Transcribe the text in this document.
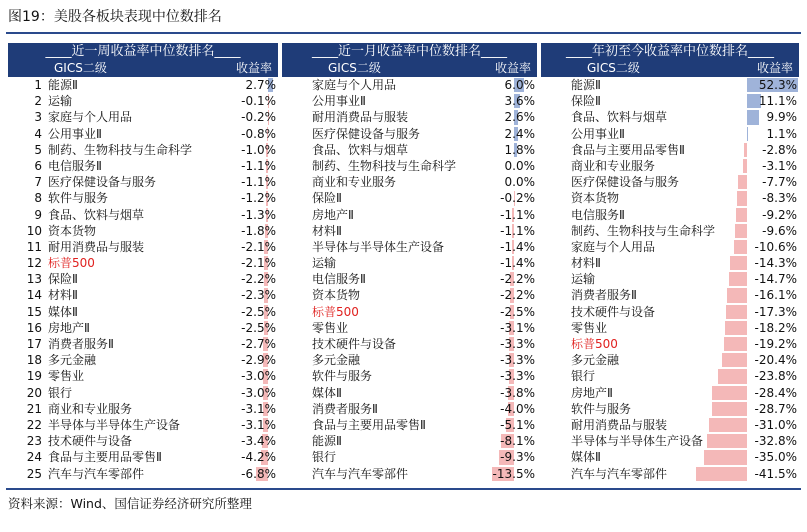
图19：美股各板块表现中位数排名
____近一周收益率中位数排名____
GICS二级	收益率
1 能源Ⅱ	2.7%
2 运输	-0.1%
3 家庭与个人用品	-0.2%
4 公用事业Ⅱ	-0.8%
5 制药、生物科技与生命科学	-1.0%
6 电信服务Ⅱ	-1.1%
7 医疗保健设备与服务	-1.1%
8 软件与服务	-1.2%
9 食品、饮料与烟草	-1.3%
10 资本货物	-1.8%
11 耐用消费品与服装	-2.1%
12 标普500	-2.1%
13 保险Ⅱ	-2.2%
14 材料Ⅱ	-2.3%
15 媒体Ⅱ	-2.5%
16 房地产Ⅱ	-2.5%
17 消费者服务Ⅱ	-2.7%
18 多元金融	-2.9%
19 零售业	-3.0%
20 银行	-3.0%
21 商业和专业服务	-3.1%
22 半导体与半导体生产设备	-3.1%
23 技术硬件与设备	-3.4%
24 食品与主要用品零售Ⅱ	-4.2%
25 汽车与汽车零部件	-6.8%
____近一月收益率中位数排名____
GICS二级	收益率
家庭与个人用品	6.0%
公用事业Ⅱ	3.6%
耐用消费品与服装	2.6%
医疗保健设备与服务	2.4%
食品、饮料与烟草	1.8%
制药、生物科技与生命科学	0.0%
商业和专业服务	0.0%
保险Ⅱ	-0.2%
房地产Ⅱ	-1.1%
材料Ⅱ	-1.1%
半导体与半导体生产设备	-1.4%
运输	-1.4%
电信服务Ⅱ	-2.2%
资本货物	-2.2%
标普500	-2.5%
零售业	-3.1%
技术硬件与设备	-3.3%
多元金融	-3.3%
软件与服务	-3.3%
媒体Ⅱ	-3.8%
消费者服务Ⅱ	-4.0%
食品与主要用品零售Ⅱ	-5.1%
能源Ⅱ	-8.1%
银行	-9.3%
汽车与汽车零部件	-13.5%
____年初至今收益率中位数排名____
GICS二级	收益率
能源Ⅱ	52.3%
保险Ⅱ	11.1%
食品、饮料与烟草	9.9%
公用事业Ⅱ	1.1%
食品与主要用品零售Ⅱ	-2.8%
商业和专业服务	-3.1%
医疗保健设备与服务	-7.7%
资本货物	-8.3%
电信服务Ⅱ	-9.2%
制药、生物科技与生命科学	-9.6%
家庭与个人用品	-10.6%
材料Ⅱ	-14.3%
运输	-14.7%
消费者服务Ⅱ	-16.1%
技术硬件与设备	-17.3%
零售业	-18.2%
标普500	-19.2%
多元金融	-20.4%
银行	-23.8%
房地产Ⅱ	-28.4%
软件与服务	-28.7%
耐用消费品与服装	-31.0%
半导体与半导体生产设备	-32.8%
媒体Ⅱ	-35.0%
汽车与汽车零部件	-41.5%
资料来源：Wind、国信证券经济研究所整理
